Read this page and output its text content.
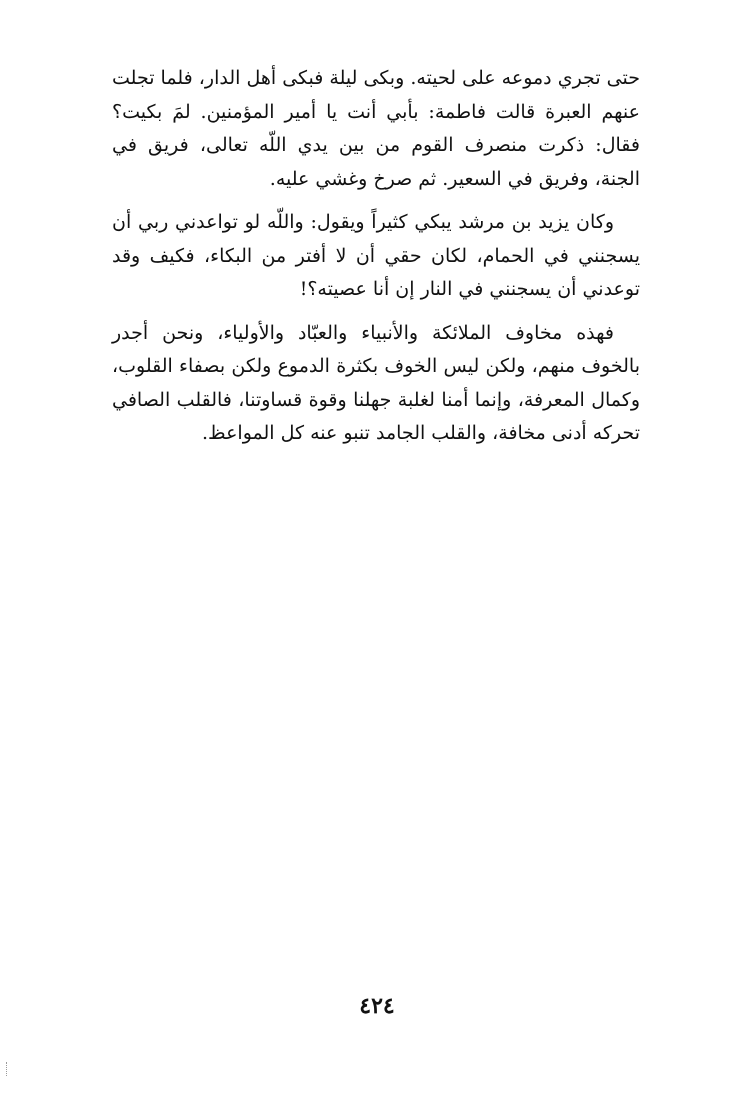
حتى تجري دموعه على لحيته. وبكى ليلة فبكى أهل الدار، فلما تجلت عنهم العبرة قالت فاطمة: بأبي أنت يا أمير المؤمنين. لمَ بكيت؟ فقال: ذكرت منصرف القوم من بين يدي اللّه تعالى، فريق في الجنة، وفريق في السعير. ثم صرخ وغشي عليه.

وكان يزيد بن مرشد يبكي كثيراً ويقول: واللّه لو تواعدني ربي أن يسجنني في الحمام، لكان حقي أن لا أفتر من البكاء، فكيف وقد توعدني أن يسجنني في النار إن أنا عصيته؟!

فهذه مخاوف الملائكة والأنبياء والعبّاد والأولياء، ونحن أجدر بالخوف منهم، ولكن ليس الخوف بكثرة الدموع ولكن بصفاء القلوب، وكمال المعرفة، وإنما أمنا لغلبة جهلنا وقوة قساوتنا، فالقلب الصافي تحركه أدنى مخافة، والقلب الجامد تنبو عنه كل المواعظ.

٤٢٤
